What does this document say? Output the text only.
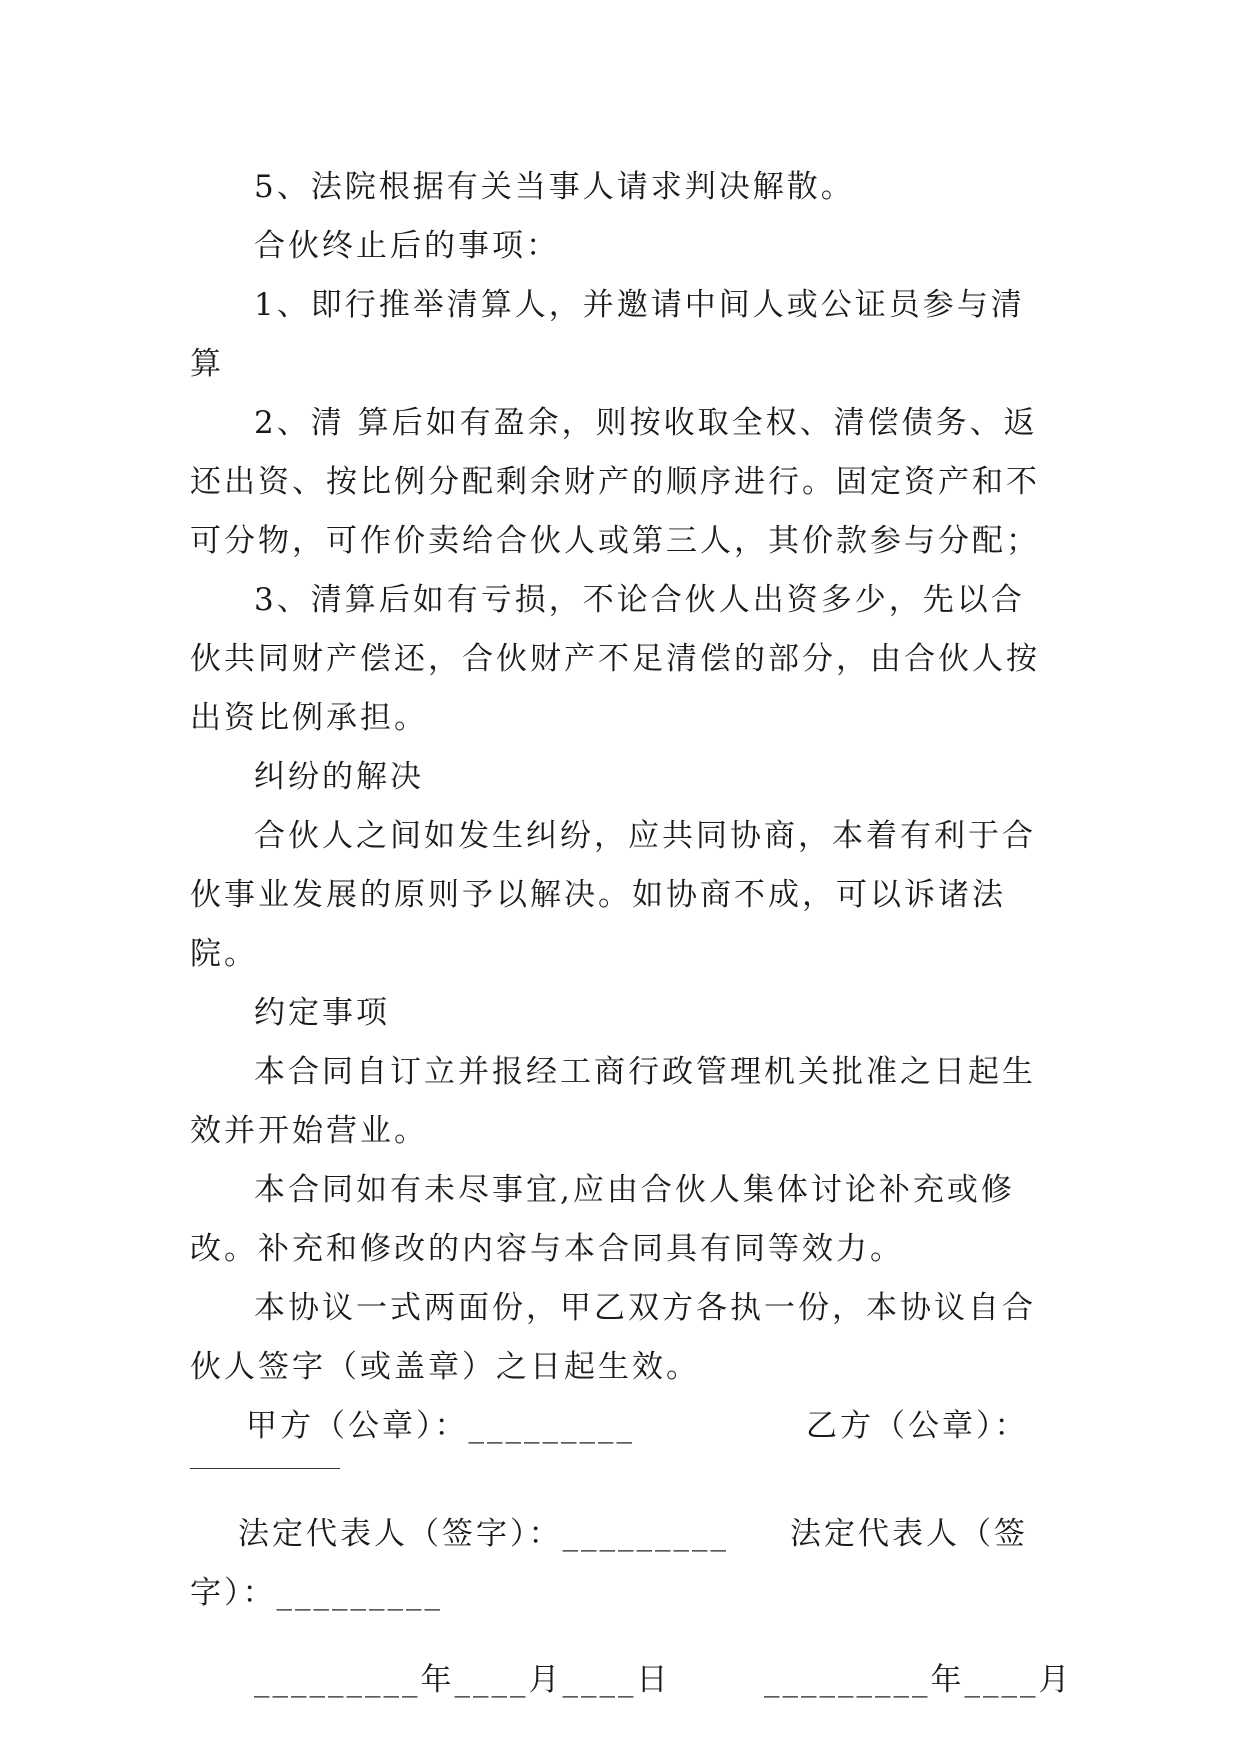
5、法院根据有关当事人请求判决解散。

合伙终止后的事项：

1、即行推举清算人，并邀请中间人或公证员参与清算

2、清 算后如有盈余，则按收取全权、清偿债务、返还出资、按比例分配剩余财产的顺序进行。固定资产和不可分物，可作价卖给合伙人或第三人，其价款参与分配；

3、清算后如有亏损，不论合伙人出资多少，先以合伙共同财产偿还，合伙财产不足清偿的部分，由合伙人按出资比例承担。

纠纷的解决

合伙人之间如发生纠纷，应共同协商，本着有利于合伙事业发展的原则予以解决。如协商不成，可以诉诸法院。

约定事项

本合同自订立并报经工商行政管理机关批准之日起生效并开始营业。

本合同如有未尽事宜,应由合伙人集体讨论补充或修改。补充和修改的内容与本合同具有同等效力。

本协议一式两面份，甲乙双方各执一份，本协议自合伙人签字（或盖章）之日起生效。

甲方（公章）：_________	乙方（公章）：
法定代表人（签字）：_________ 法定代表人（签
字）：_________
_________年____月____日	_________年____月
